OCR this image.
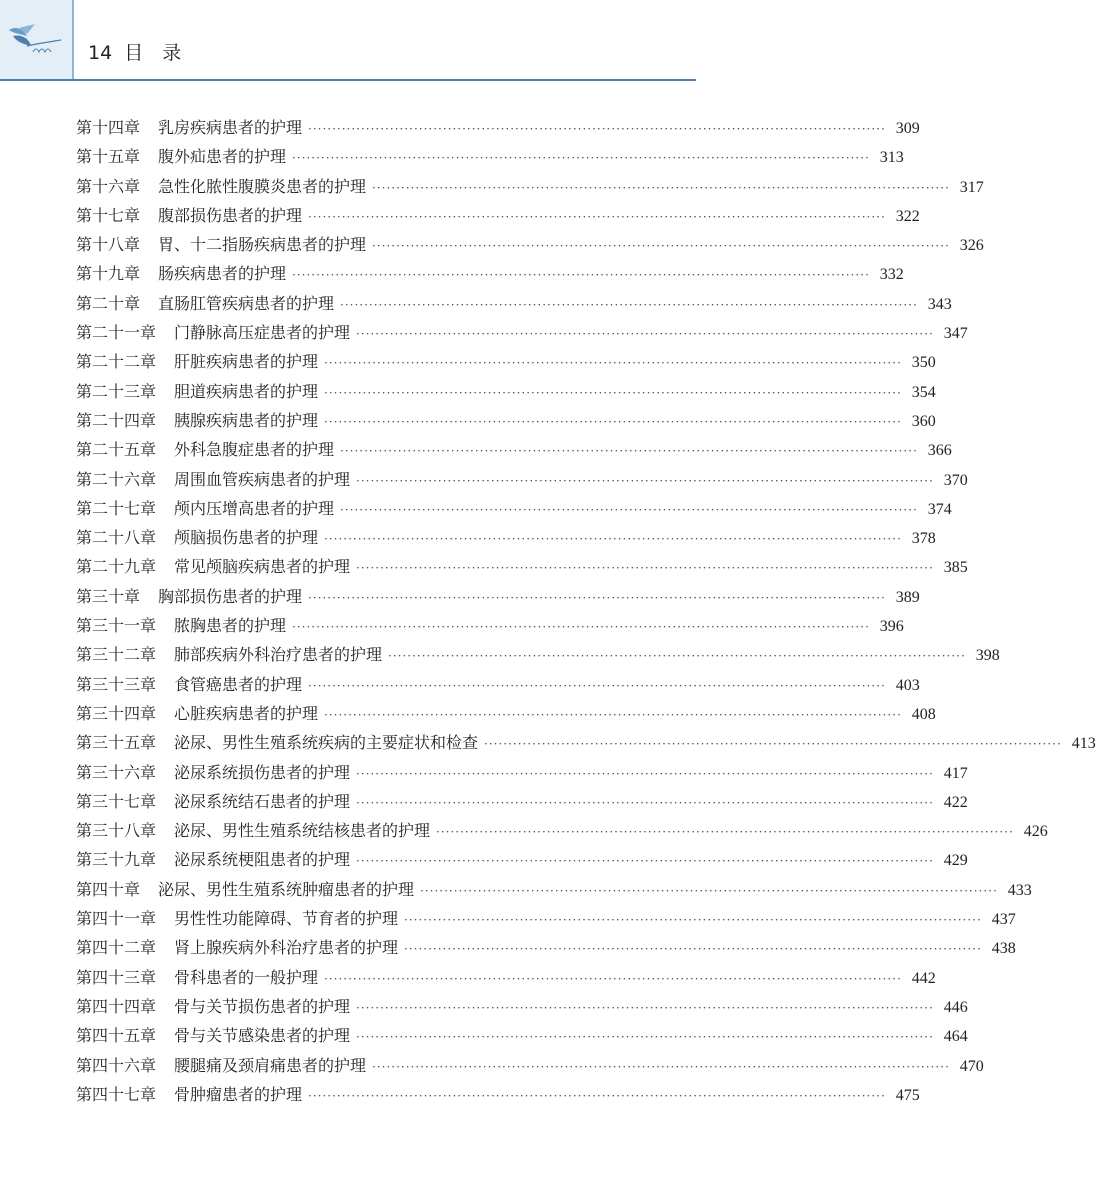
14 目　录
第十四章 乳房疾病患者的护理 ························································································································ 309
第十五章 腹外疝患者的护理 ························································································································ 313
第十六章 急性化脓性腹膜炎患者的护理 ························································································································ 317
第十七章 腹部损伤患者的护理 ························································································································ 322
第十八章 胃、十二指肠疾病患者的护理 ························································································································ 326
第十九章 肠疾病患者的护理 ························································································································ 332
第二十章 直肠肛管疾病患者的护理 ························································································································ 343
第二十一章 门静脉高压症患者的护理 ························································································································ 347
第二十二章 肝脏疾病患者的护理 ························································································································ 350
第二十三章 胆道疾病患者的护理 ························································································································ 354
第二十四章 胰腺疾病患者的护理 ························································································································ 360
第二十五章 外科急腹症患者的护理 ························································································································ 366
第二十六章 周围血管疾病患者的护理 ························································································································ 370
第二十七章 颅内压增高患者的护理 ························································································································ 374
第二十八章 颅脑损伤患者的护理 ························································································································ 378
第二十九章 常见颅脑疾病患者的护理 ························································································································ 385
第三十章 胸部损伤患者的护理 ························································································································ 389
第三十一章 脓胸患者的护理 ························································································································ 396
第三十二章 肺部疾病外科治疗患者的护理 ························································································································ 398
第三十三章 食管癌患者的护理 ························································································································ 403
第三十四章 心脏疾病患者的护理 ························································································································ 408
第三十五章 泌尿、男性生殖系统疾病的主要症状和检查 ························································································································ 413
第三十六章 泌尿系统损伤患者的护理 ························································································································ 417
第三十七章 泌尿系统结石患者的护理 ························································································································ 422
第三十八章 泌尿、男性生殖系统结核患者的护理 ························································································································ 426
第三十九章 泌尿系统梗阻患者的护理 ························································································································ 429
第四十章 泌尿、男性生殖系统肿瘤患者的护理 ························································································································ 433
第四十一章 男性性功能障碍、节育者的护理 ························································································································ 437
第四十二章 肾上腺疾病外科治疗患者的护理 ························································································································ 438
第四十三章 骨科患者的一般护理 ························································································································ 442
第四十四章 骨与关节损伤患者的护理 ························································································································ 446
第四十五章 骨与关节感染患者的护理 ························································································································ 464
第四十六章 腰腿痛及颈肩痛患者的护理 ························································································································ 470
第四十七章 骨肿瘤患者的护理 ························································································································ 475
